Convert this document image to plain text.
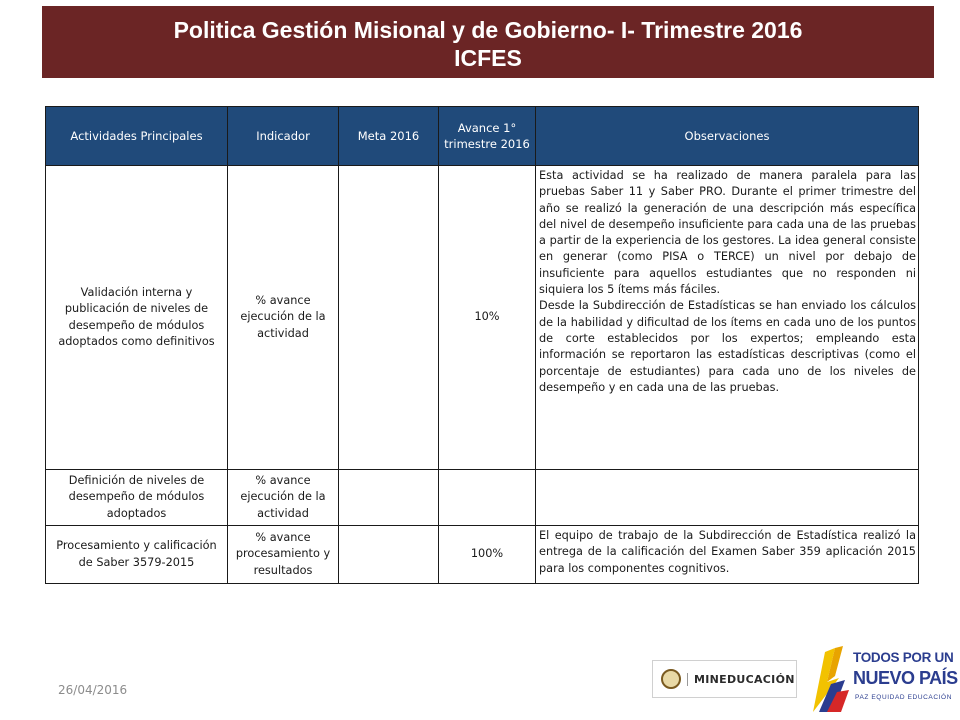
Politica Gestión Misional y de Gobierno- I- Trimestre 2016
ICFES
Actividades Principales	Indicador	Meta 2016	Avance 1° trimestre 2016	Observaciones
Validación interna y publicación de niveles de desempeño de módulos adoptados como definitivos	% avance ejecución de la actividad		10%	Esta actividad se ha realizado de manera paralela para las pruebas Saber 11 y Saber PRO. Durante el primer trimestre del año se realizó la generación de una descripción más específica del nivel de desempeño insuficiente para cada una de las pruebas a partir de la experiencia de los gestores. La idea general consiste en generar (como PISA o TERCE) un nivel por debajo de insuficiente para aquellos estudiantes que no responden ni siquiera los 5 ítems más fáciles.

Desde la Subdirección de Estadísticas se han enviado los cálculos de la habilidad y dificultad de los ítems en cada uno de los puntos de corte establecidos por los expertos; empleando esta información se reportaron las estadísticas descriptivas (como el porcentaje de estudiantes) para cada uno de los niveles de desempeño y en cada una de las pruebas.

Definición de niveles de desempeño de módulos adoptados	% avance ejecución de la actividad			
Procesamiento y calificación de Saber 3579-2015	% avance procesamiento y resultados		100%	El equipo de trabajo de la Subdirección de Estadística realizó la entrega de la calificación del Examen Saber 359 aplicación 2015 para los componentes cognitivos.

26/04/2016
MINEDUCACIÓN
TODOS POR UN
NUEVO PAÍS
PAZ EQUIDAD EDUCACIÓN
